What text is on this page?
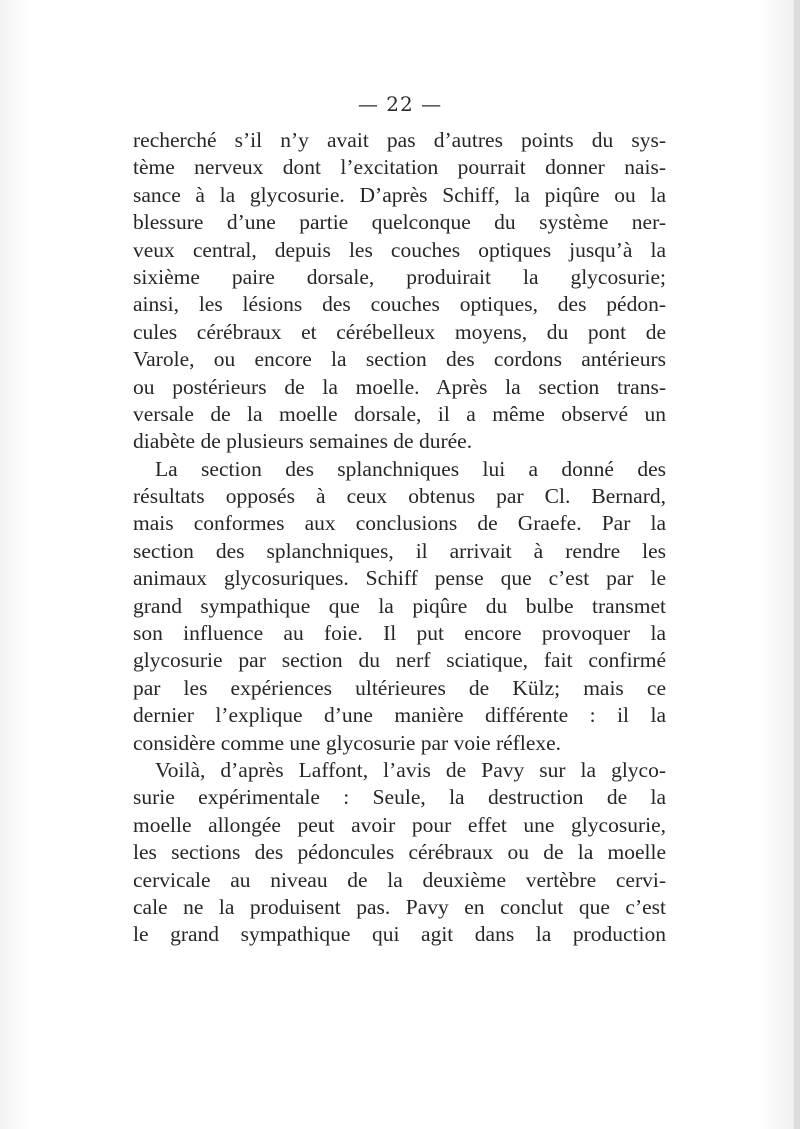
— 22 —
recherché s’il n’y avait pas d’autres points du sys-
tème nerveux dont l’excitation pourrait donner nais-
sance à la glycosurie. D’après Schiff, la piqûre ou la
blessure d’une partie quelconque du système ner-
veux central, depuis les couches optiques jusqu’à la
sixième paire dorsale, produirait la glycosurie;
ainsi, les lésions des couches optiques, des pédon-
cules cérébraux et cérébelleux moyens, du pont de
Varole, ou encore la section des cordons antérieurs
ou postérieurs de la moelle. Après la section trans-
versale de la moelle dorsale, il a même observé un
diabète de plusieurs semaines de durée.
La section des splanchniques lui a donné des
résultats opposés à ceux obtenus par Cl. Bernard,
mais conformes aux conclusions de Graefe. Par la
section des splanchniques, il arrivait à rendre les
animaux glycosuriques. Schiff pense que c’est par le
grand sympathique que la piqûre du bulbe transmet
son influence au foie. Il put encore provoquer la
glycosurie par section du nerf sciatique, fait confirmé
par les expériences ultérieures de Külz; mais ce
dernier l’explique d’une manière différente : il la
considère comme une glycosurie par voie réflexe.
Voilà, d’après Laffont, l’avis de Pavy sur la glyco-
surie expérimentale : Seule, la destruction de la
moelle allongée peut avoir pour effet une glycosurie,
les sections des pédoncules cérébraux ou de la moelle
cervicale au niveau de la deuxième vertèbre cervi-
cale ne la produisent pas. Pavy en conclut que c’est
le grand sympathique qui agit dans la production
